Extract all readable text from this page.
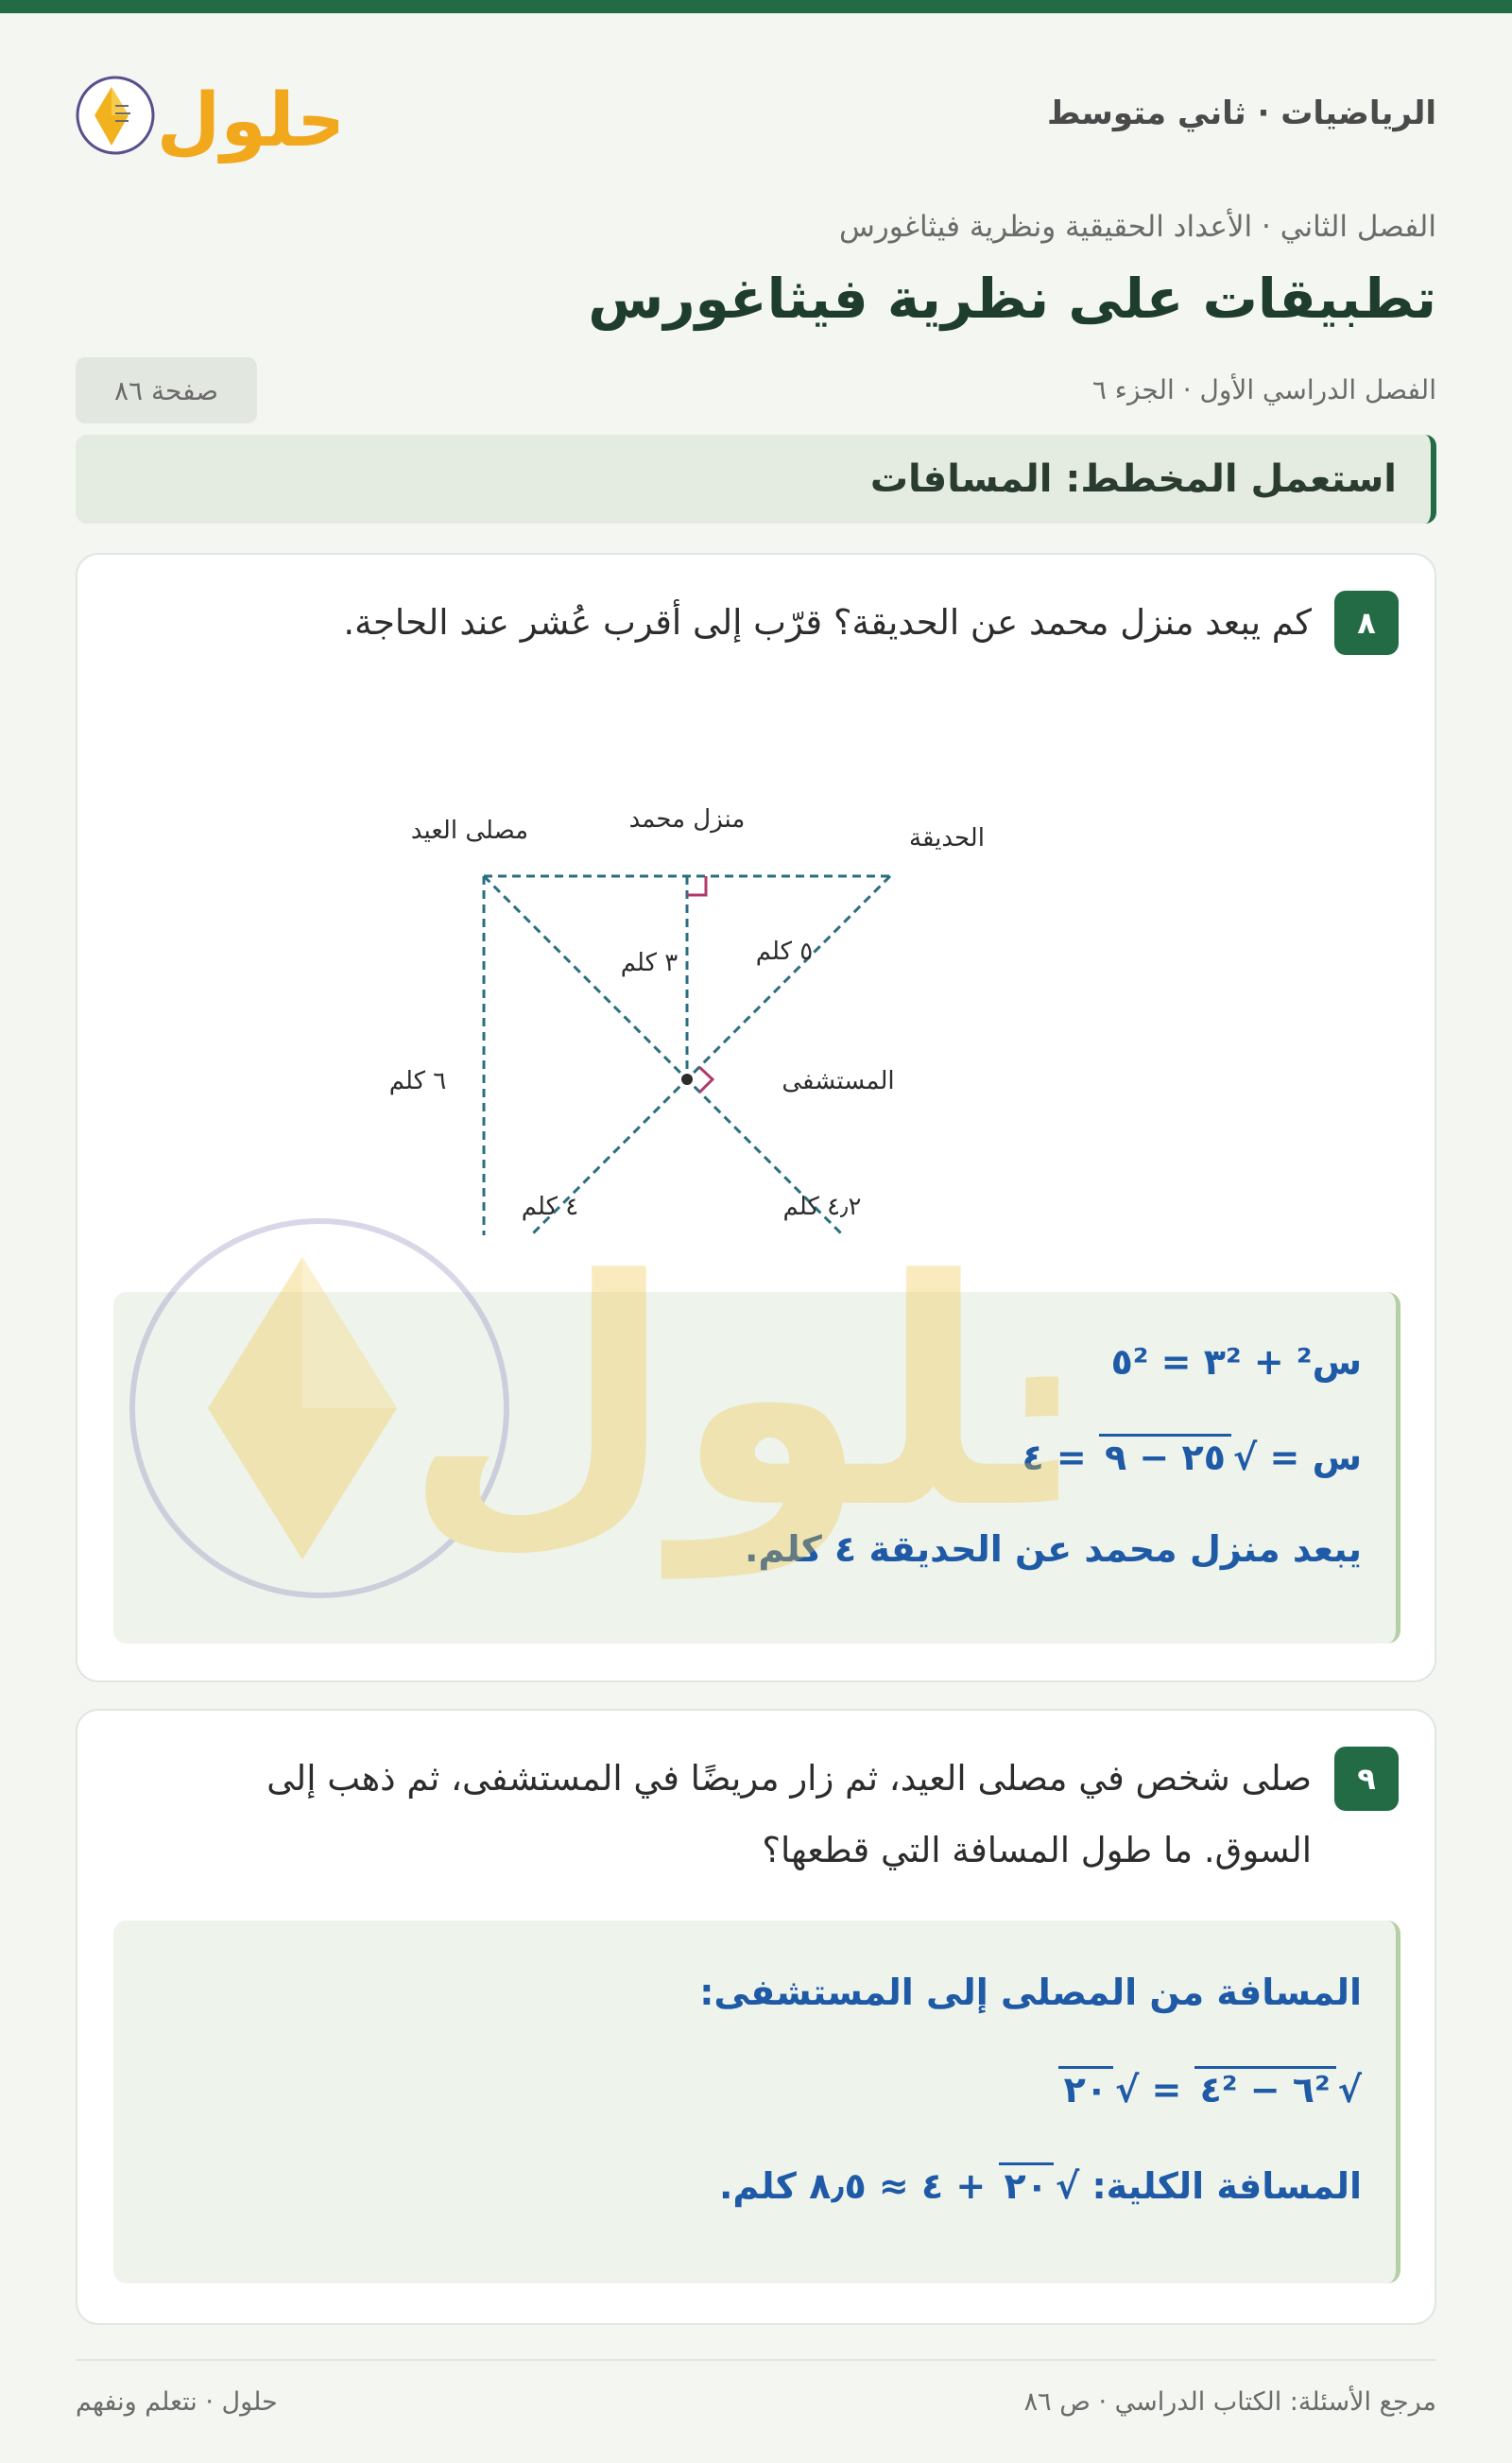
الرياضيات · ثاني متوسط
حلول
الفصل الثاني · الأعداد الحقيقية ونظرية فيثاغورس
تطبيقات على نظرية فيثاغورس
الفصل الدراسي الأول · الجزء ٦
صفحة ٨٦
استعمل المخطط: المسافات
٨
كم يبعد منزل محمد عن الحديقة؟ قرّب إلى أقرب عُشر عند الحاجة.
مصلى العيد	منزل محمد
الحديقة
المستشفى
٣ كلم	٥ كلم
٦ كلم
٤ كلم	٤٫٢ كلم
س² + ٣² = ٥²
س = √٢٥ − ٩ = ٤
يبعد منزل محمد عن الحديقة ٤ كلم.
لول
٩
صلى شخص في مصلى العيد، ثم زار مريضًا في المستشفى، ثم ذهب إلى
السوق. ما طول المسافة التي قطعها؟
المسافة من المصلى إلى المستشفى:
√٦² − ٤² = √٢٠
المسافة الكلية: √٢٠ + ٤ ≈ ٨٫٥ كلم.
مرجع الأسئلة: الكتاب الدراسي · ص ٨٦
حلول · نتعلم ونفهم
